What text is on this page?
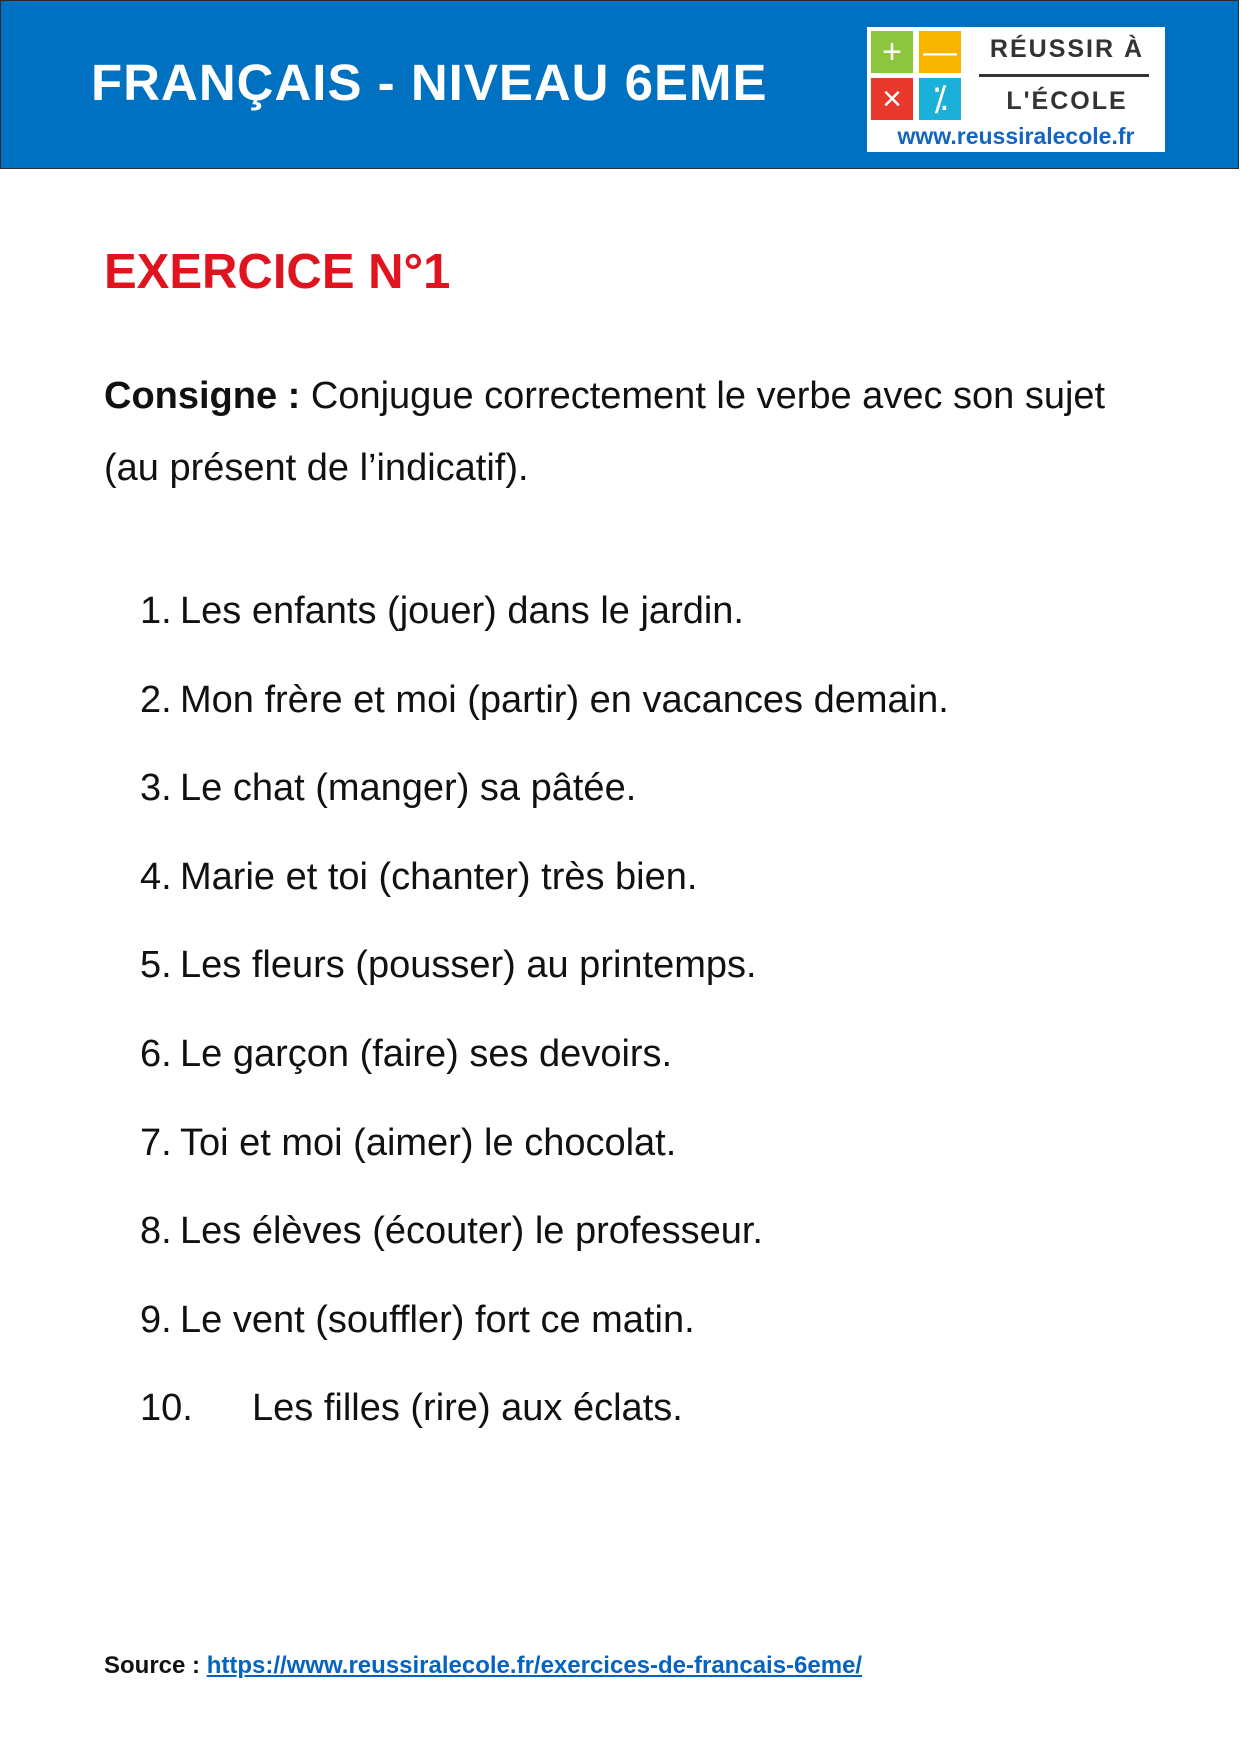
FRANÇAIS - NIVEAU 6EME
+ —
× ⁒
RÉUSSIR À
L'ÉCOLE
www.reussiralecole.fr
EXERCICE N°1
Consigne : Conjugue correctement le verbe avec son sujet (au présent de l’indicatif).
1. Les enfants (jouer) dans le jardin.
2. Mon frère et moi (partir) en vacances demain.
3. Le chat (manger) sa pâtée.
4. Marie et toi (chanter) très bien.
5. Les fleurs (pousser) au printemps.
6. Le garçon (faire) ses devoirs.
7. Toi et moi (aimer) le chocolat.
8. Les élèves (écouter) le professeur.
9. Le vent (souffler) fort ce matin.
10.	Les filles (rire) aux éclats.
Source : https://www.reussiralecole.fr/exercices-de-francais-6eme/
